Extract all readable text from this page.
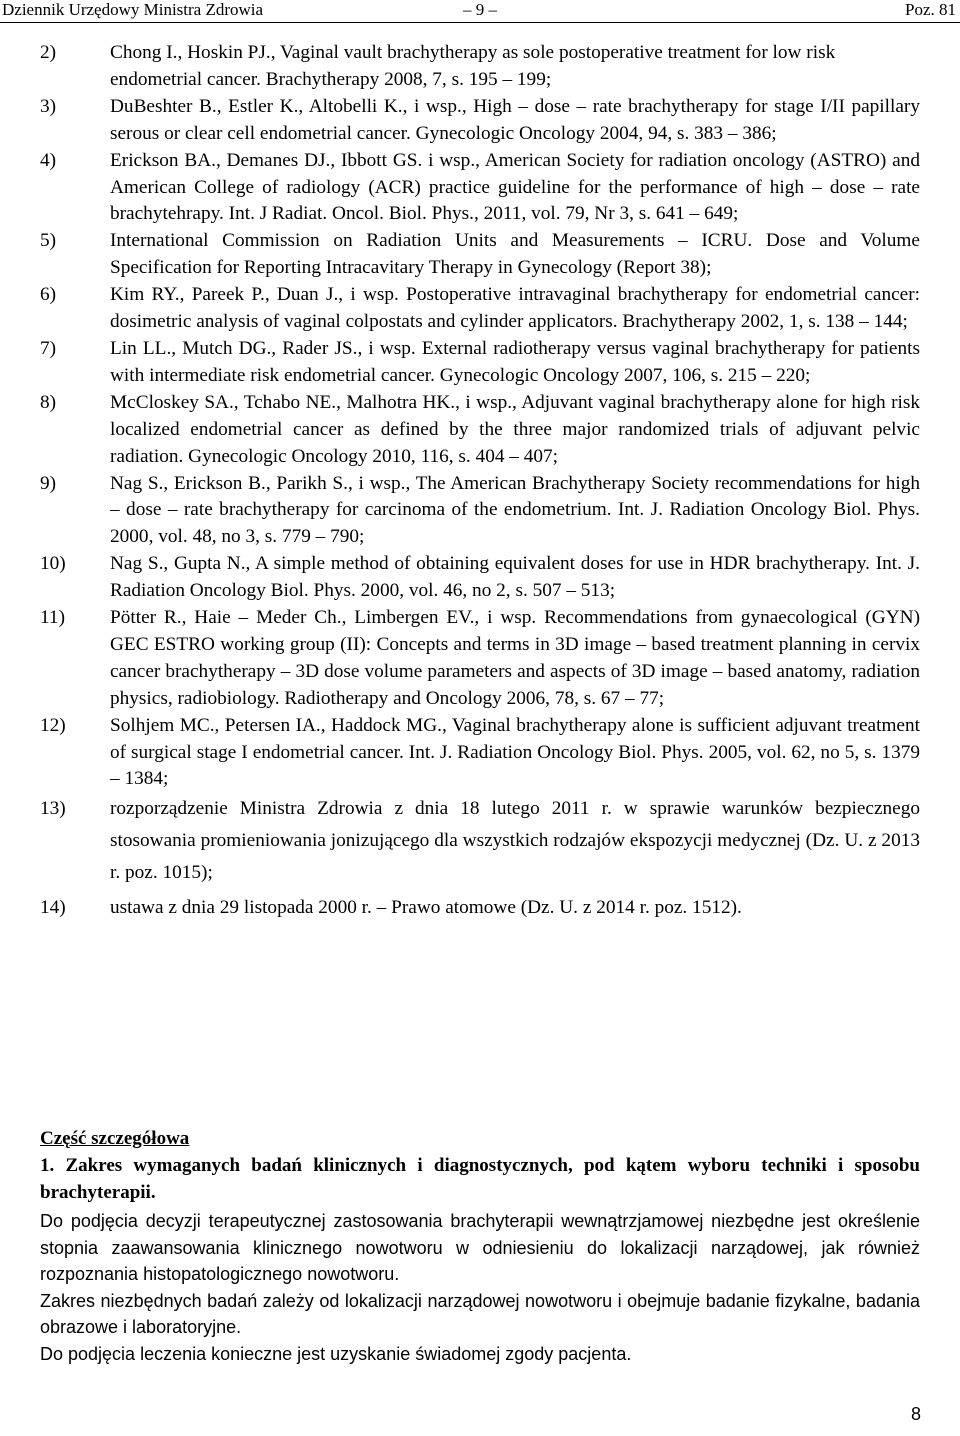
Dziennik Urzędowy Ministra Zdrowia	– 9 –	Poz. 81
2)	Chong I., Hoskin PJ., Vaginal vault brachytherapy as sole postoperative treatment for low risk endometrial cancer. Brachytherapy 2008, 7, s. 195 – 199;
3)	DuBeshter B., Estler K., Altobelli K., i wsp., High – dose – rate brachytherapy for stage I/II papillary serous or clear cell endometrial cancer. Gynecologic Oncology 2004, 94, s. 383 – 386;
4)	Erickson BA., Demanes DJ., Ibbott GS. i wsp., American Society for radiation oncology (ASTRO) and American College of radiology (ACR) practice guideline for the performance of high – dose – rate brachytehrapy. Int. J Radiat. Oncol. Biol. Phys., 2011, vol. 79, Nr 3, s. 641 – 649;
5)	International Commission on Radiation Units and Measurements – ICRU. Dose and Volume Specification for Reporting Intracavitary Therapy in Gynecology (Report 38);
6)	Kim RY., Pareek P., Duan J., i wsp. Postoperative intravaginal brachytherapy for endometrial cancer: dosimetric analysis of vaginal colpostats and cylinder applicators. Brachytherapy 2002, 1, s. 138 – 144;
7)	Lin LL., Mutch DG., Rader JS., i wsp. External radiotherapy versus vaginal brachytherapy for patients with intermediate risk endometrial cancer. Gynecologic Oncology 2007, 106, s. 215 – 220;
8)	McCloskey SA., Tchabo NE., Malhotra HK., i wsp., Adjuvant vaginal brachytherapy alone for high risk localized endometrial cancer as defined by the three major randomized trials of adjuvant pelvic radiation. Gynecologic Oncology 2010, 116, s. 404 – 407;
9)	Nag S., Erickson B., Parikh S., i wsp., The American Brachytherapy Society recommendations for high – dose – rate brachytherapy for carcinoma of the endometrium. Int. J. Radiation Oncology Biol. Phys. 2000, vol. 48, no 3, s. 779 – 790;
10)	Nag S., Gupta N., A simple method of obtaining equivalent doses for use in HDR brachytherapy. Int. J. Radiation Oncology Biol. Phys. 2000, vol. 46, no 2, s. 507 – 513;
11)	Pötter R., Haie – Meder Ch., Limbergen EV., i wsp. Recommendations from gynaecological (GYN) GEC ESTRO working group (II): Concepts and terms in 3D image – based treatment planning in cervix cancer brachytherapy – 3D dose volume parameters and aspects of 3D image – based anatomy, radiation physics, radiobiology. Radiotherapy and Oncology 2006, 78, s. 67 – 77;
12)	Solhjem MC., Petersen IA., Haddock MG., Vaginal brachytherapy alone is sufficient adjuvant treatment of surgical stage I endometrial cancer. Int. J. Radiation Oncology Biol. Phys. 2005, vol. 62, no 5, s. 1379 – 1384;
13)	rozporządzenie Ministra Zdrowia z dnia 18 lutego 2011 r. w sprawie warunków bezpiecznego stosowania promieniowania jonizującego dla wszystkich rodzajów ekspozycji medycznej (Dz. U. z 2013 r. poz. 1015);
14)	ustawa z dnia 29 listopada 2000 r. – Prawo atomowe (Dz. U. z 2014 r. poz. 1512).
Część szczegółowa
1. Zakres wymaganych badań klinicznych i diagnostycznych, pod kątem wyboru techniki i sposobu brachyterapii.
Do podjęcia decyzji terapeutycznej zastosowania brachyterapii wewnątrzjamowej niezbędne jest określenie stopnia zaawansowania klinicznego nowotworu w odniesieniu do lokalizacji narządowej, jak również rozpoznania histopatologicznego nowotworu.
Zakres niezbędnych badań zależy od lokalizacji narządowej nowotworu i obejmuje badanie fizykalne, badania obrazowe i laboratoryjne.
Do podjęcia leczenia konieczne jest uzyskanie świadomej zgody pacjenta.
8
